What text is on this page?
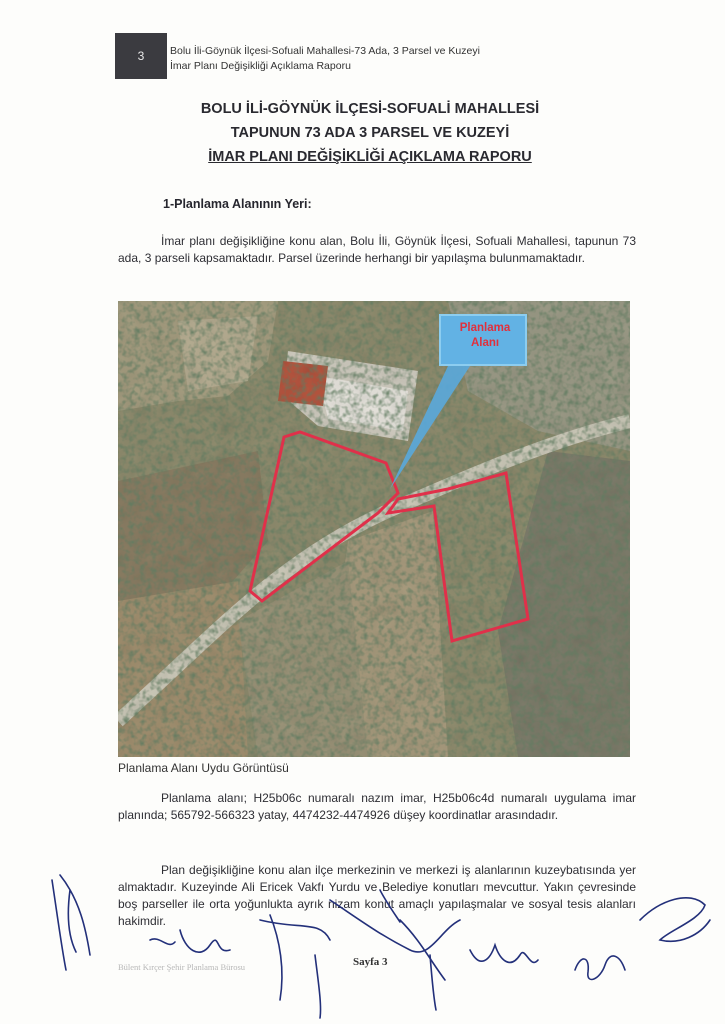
3	Bolu İli-Göynük İlçesi-Sofuali Mahallesi-73 Ada, 3 Parsel ve Kuzeyi
İmar Planı Değişikliği Açıklama Raporu
BOLU İLİ-GÖYNÜK İLÇESİ-SOFUALİ MAHALLESİ
TAPUNUN 73 ADA 3 PARSEL VE KUZEYİ
İMAR PLANI DEĞİŞİKLİĞİ AÇIKLAMA RAPORU
1-Planlama Alanının Yeri:
İmar planı değişikliğine konu alan, Bolu İli, Göynük İlçesi, Sofuali Mahallesi, tapunun 73 ada, 3 parseli kapsamaktadır. Parsel üzerinde herhangi bir yapılaşma bulunmamaktadır.
Planlama
Alanı
Planlama Alanı Uydu Görüntüsü
Planlama alanı; H25b06c numaralı nazım imar, H25b06c4d numaralı uygulama imar planında; 565792-566323 yatay, 4474232-4474926 düşey koordinatlar arasındadır.
Plan değişikliğine konu alan ilçe merkezinin ve merkezi iş alanlarının kuzeybatısında yer almaktadır. Kuzeyinde Ali Ericek Vakfı Yurdu ve Belediye konutları mevcuttur. Yakın çevresinde boş parseller ile orta yoğunlukta ayrık nizam konut amaçlı yapılaşmalar ve sosyal tesis alanları hakimdir.
Bülent Kırçer Şehir Planlama Bürosu	Sayfa 3
